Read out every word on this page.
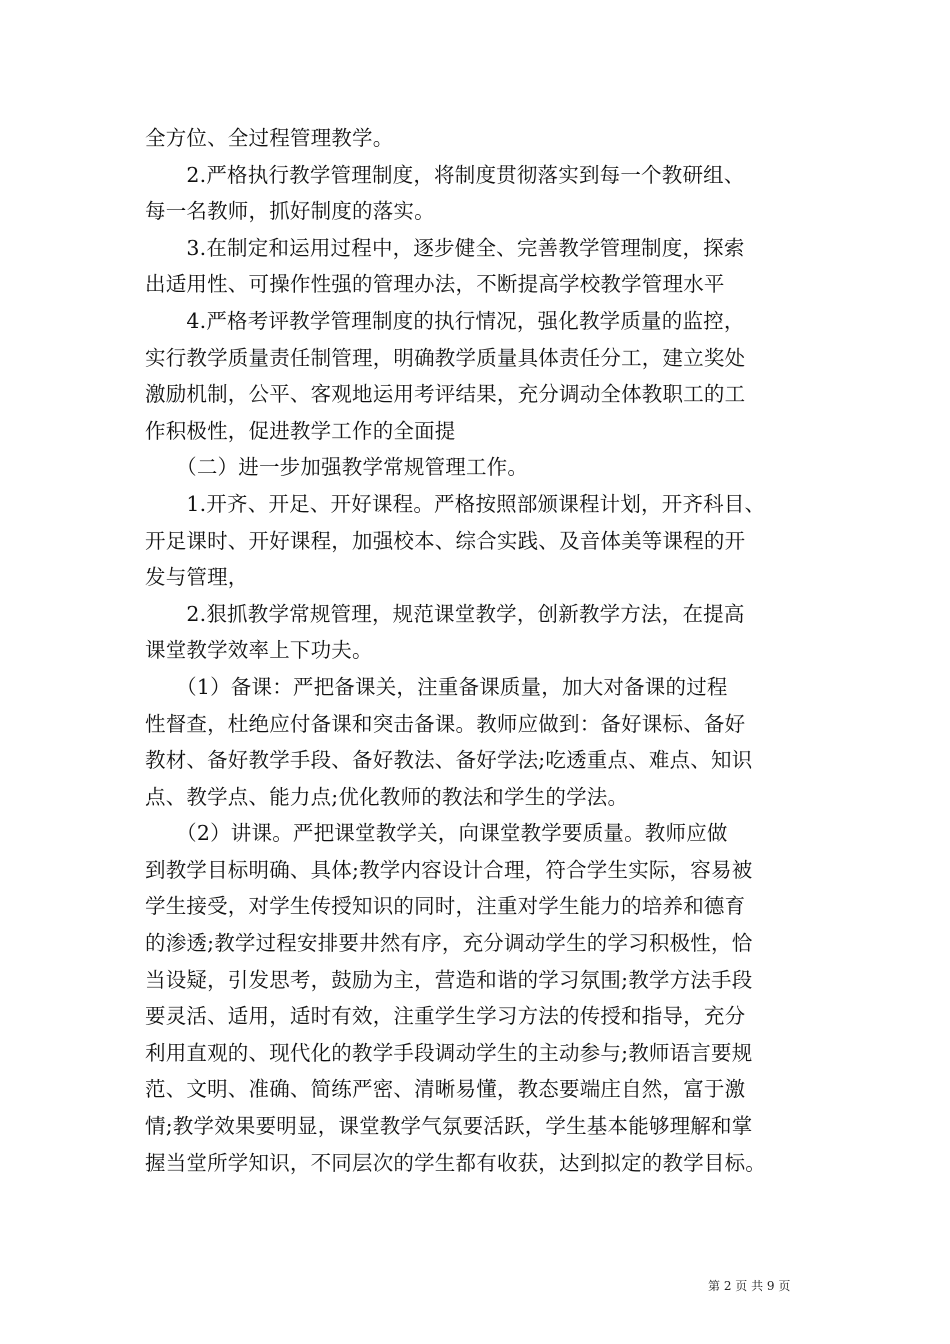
全方位、全过程管理教学。
　　2.严格执行教学管理制度，将制度贯彻落实到每一个教研组、
每一名教师，抓好制度的落实。
　　3.在制定和运用过程中，逐步健全、完善教学管理制度，探索
出适用性、可操作性强的管理办法，不断提高学校教学管理水平
　　4.严格考评教学管理制度的执行情况，强化教学质量的监控，
实行教学质量责任制管理，明确教学质量具体责任分工，建立奖处
激励机制，公平、客观地运用考评结果，充分调动全体教职工的工
作积极性，促进教学工作的全面提
　　（二）进一步加强教学常规管理工作。
　　1.开齐、开足、开好课程。严格按照部颁课程计划，开齐科目、
开足课时、开好课程，加强校本、综合实践、及音体美等课程的开
发与管理，
　　2.狠抓教学常规管理，规范课堂教学，创新教学方法，在提高
课堂教学效率上下功夫。
　　（1）备课：严把备课关，注重备课质量，加大对备课的过程
性督查，杜绝应付备课和突击备课。教师应做到：备好课标、备好
教材、备好教学手段、备好教法、备好学法;吃透重点、难点、知识
点、教学点、能力点;优化教师的教法和学生的学法。
　　（2）讲课。严把课堂教学关，向课堂教学要质量。教师应做
到教学目标明确、具体;教学内容设计合理，符合学生实际，容易被
学生接受，对学生传授知识的同时，注重对学生能力的培养和德育
的渗透;教学过程安排要井然有序，充分调动学生的学习积极性，恰
当设疑，引发思考，鼓励为主，营造和谐的学习氛围;教学方法手段
要灵活、适用，适时有效，注重学生学习方法的传授和指导，充分
利用直观的、现代化的教学手段调动学生的主动参与;教师语言要规
范、文明、准确、简练严密、清晰易懂，教态要端庄自然，富于激
情;教学效果要明显，课堂教学气氛要活跃，学生基本能够理解和掌
握当堂所学知识，不同层次的学生都有收获，达到拟定的教学目标。
第 2 页 共 9 页
